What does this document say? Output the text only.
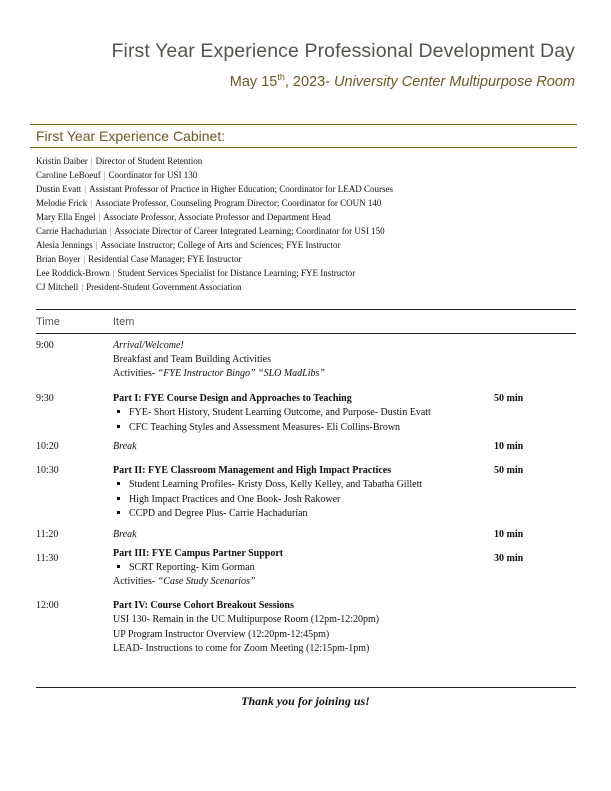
First Year Experience Professional Development Day
May 15th, 2023- University Center Multipurpose Room
First Year Experience Cabinet:
Kristin Daiber | Director of Student Retention
Caroline LeBoeuf | Coordinator for USI 130
Dustin Evatt | Assistant Professor of Practice in Higher Education; Coordinator for LEAD Courses
Melodie Frick | Associate Professor, Counseling Program Director; Coordinator for COUN 140
Mary Ella Engel | Associate Professor, Associate Professor and Department Head
Carrie Hachadurian | Associate Director of Career Integrated Learning; Coordinator for USI 150
Alesia Jennings | Associate Instructor; College of Arts and Sciences; FYE Instructor
Brian Boyer | Residential Case Manager; FYE Instructor
Lee Roddick-Brown | Student Services Specialist for Distance Learning; FYE Instructor
CJ Mitchell | President-Student Government Association
Time	Item
9:00	Arrival/Welcome!
Breakfast and Team Building Activities
Activities- “FYE Instructor Bingo” “SLO MadLibs”
9:30	Part I: FYE Course Design and Approaches to Teaching	50 min
FYE- Short History, Student Learning Outcome, and Purpose- Dustin Evatt
CFC Teaching Styles and Assessment Measures- Eli Collins-Brown
10:20	Break	10 min
10:30	Part II: FYE Classroom Management and High Impact Practices	50 min
Student Learning Profiles- Kristy Doss, Kelly Kelley, and Tabatha Gillett
High Impact Practices and One Book- Josh Rakower
CCPD and Degree Plus- Carrie Hachadurian
11:20	Break	10 min
11:30	Part III: FYE Campus Partner Support	30 min
SCRT Reporting- Kim Gorman
Activities- “Case Study Scenarios”
12:00	Part IV: Course Cohort Breakout Sessions
USI 130- Remain in the UC Multipurpose Room (12pm-12:20pm)
UP Program Instructor Overview (12:20pm-12:45pm)
LEAD- Instructions to come for Zoom Meeting (12:15pm-1pm)
Thank you for joining us!
